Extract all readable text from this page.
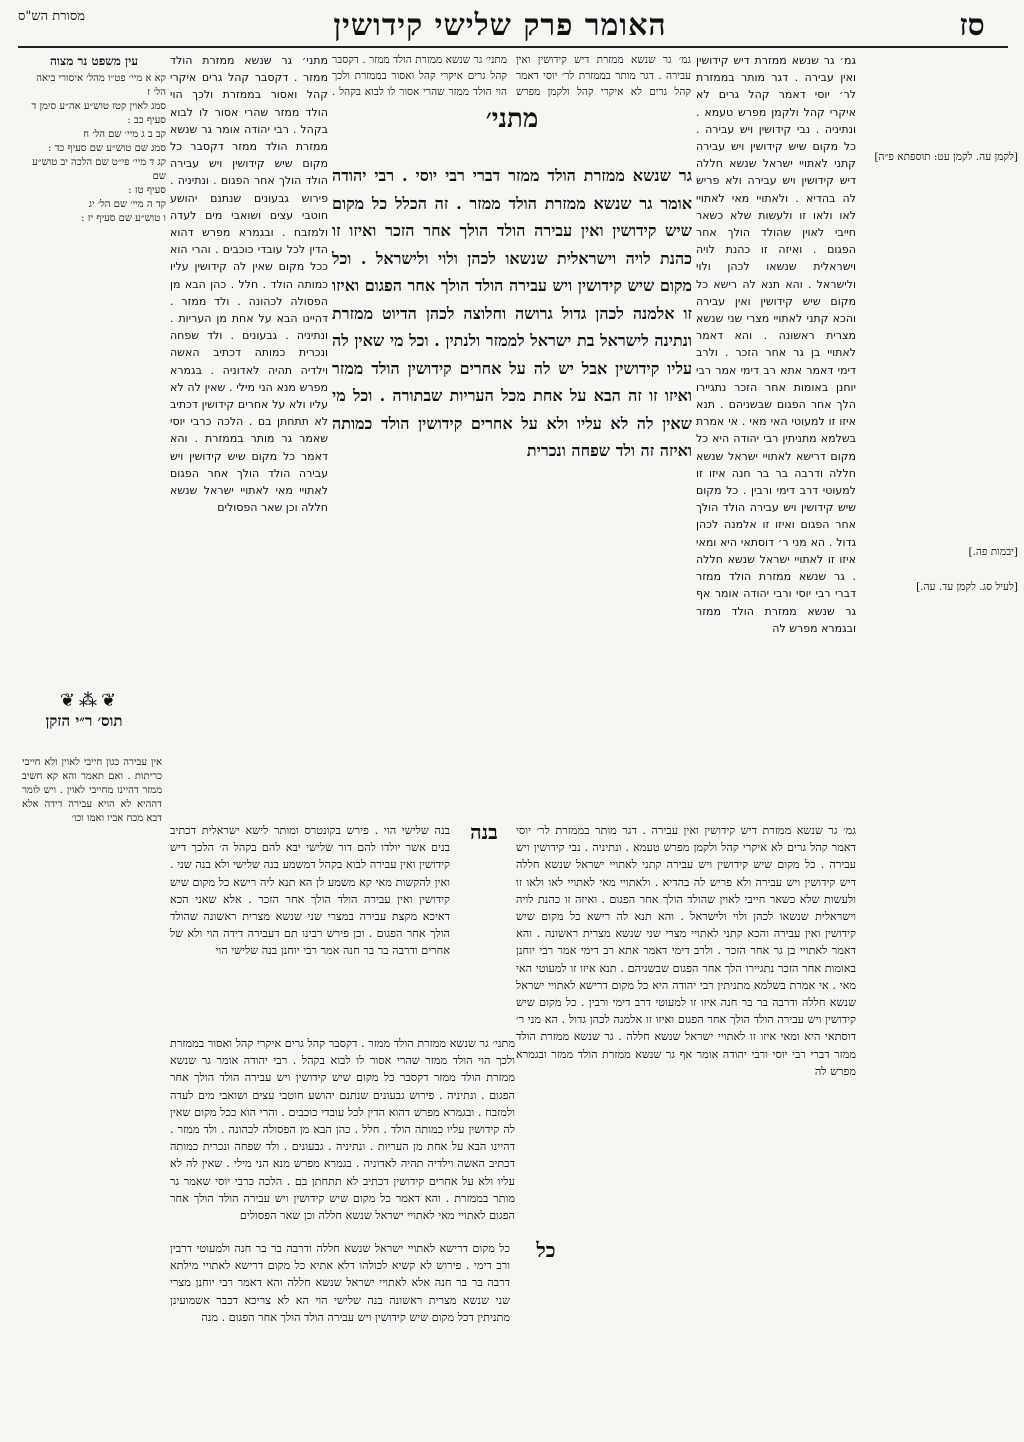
מסורת הש"ס	האומר פרק שלישי קידושין	סז
עין משפט נר מצוה
קא א מיי׳ פט״ו מהל׳ איסורי ביאה הל׳ ז
סמג לאוין קטז טוש״ע אה״ע סימן ד
סעיף כב :
קב ב ג מיי׳ שם הל׳ ח
סמג שם טוש״ע שם סעיף כד :
קג ד מיי׳ פי״ט שם הלכה יב טוש״ע שם
סעיף טז :
קד ה מיי׳ שם הל׳ יג
ו טוש״ע שם סעיף יז :
❦⁂❦
תוס׳ ר״י הזקן
אין עבירה כגון חייבי לאוין ולא חייבי כריתות . ואם תאמר והא קא חשיב ממזר דהיינו מחייבי לאוין . ויש לומר דההיא לא הויא עבירה דידה אלא דבא מכח אביו ואמו וכו׳
[לקמן עה. לקמן עט: תוספתא פ״ה]
[יבמות פה.]
[לעיל סג. לקמן עד. עה.]
מתני׳ גר שנשא ממזרת הולד ממזר . דקסבר קהל גרים איקרי קהל ואסור בממזרת ולכך הוי הולד ממזר שהרי אסור לו לבוא בקהל . רבי יהודה אומר גר שנשא ממזרת הולד ממזר דקסבר כל מקום שיש קידושין ויש עבירה הולד הולך אחר הפגום . ונתיניה . פירוש גבעונים שנתנם יהושע חוטבי עצים ושואבי מים לעדה ולמזבח . ובגמרא מפרש דהוא הדין לכל עובדי כוכבים . והרי הוא ככל מקום שאין לה קידושין עליו כמותה הולד . חלל . כהן הבא מן הפסולה לכהונה . ולד ממזר . דהיינו הבא על אחת מן העריות . ונתיניה . גבעונים . ולד שפחה ונכרית כמותה דכתיב האשה וילדיה תהיה לאדוניה . בגמרא מפרש מנא הני מילי . שאין לה לא עליו ולא על אחרים קידושין דכתיב לא תתחתן בם . הלכה כרבי יוסי שאמר גר מותר בממזרת . והא דאמר כל מקום שיש קידושין ויש עבירה הולד הולך אחר הפגום לאתויי מאי לאתויי ישראל שנשא חללה וכן שאר הפסולים
גמ׳ גר שנשא ממזרת דיש קידושין ואין עבירה . דגר מותר בממזרת לר׳ יוסי דאמר קהל גרים לא איקרי קהל ולקמן מפרש טעמא . ונתיניה . נבי קידושין ויש עבירה . כל מקום שיש קידושין ויש עבירה קתני לאתויי ישראל שנשא חללה דיש קידושין ויש עבירה ולא פריש לה בהדיא . ולאתויי מאי לאתויי לאו ולאו זו ולעשות שלא כשאר חייבי לאוין שהולד הולך אחר הפגום . ואיזה זו כהנת לויה וישראלית שנשאו לכהן ולוי ולישראל . והא תנא לה רישא כל מקום שיש קידושין ואין עבירה והכא קתני לאתויי מצרי שני שנשא מצרית ראשונה . והא דאמר לאתויי בן גר אחר הזכר . ולרב דימי דאמר אתא רב דימי אמר רבי יוחנן באומות אחר הזכר נתגיירו הלך אחר הפגום שבשניהם . תנא איזו זו למעוטי האי מאי . אי אמרת בשלמא מתניתין רבי יהודה היא כל מקום דרישא לאתויי ישראל שנשא חללה ודרבה בר בר חנה איזו זו למעוטי דרב דימי ורבין . כל מקום שיש קידושין ויש עבירה הולד הולך אחר הפגום ואיזו זו אלמנה לכהן גדול . הא מני ר׳ דוסתאי היא ומאי איזו זו לאתויי ישראל שנשא חללה . גר שנשא ממזרת הולד ממזר דברי רבי יוסי ורבי יהודה אומר אף גר שנשא ממזרת הולד ממזר ובגמרא מפרש לה
מתני׳ גר שנשא ממזרת הולד ממזר . דקסבר קהל גרים איקרי קהל ואסור בממזרת ולכך הוי הולד ממזר שהרי אסור לו לבוא בקהל .
גמ׳ גר שנשא ממזרת דיש קידושין ואין עבירה . דגר מותר בממזרת לר׳ יוסי דאמר קהל גרים לא איקרי קהל ולקמן מפרש
מתני׳
גר שנשא ממזרת הולד ממזר דברי רבי יוסי . רבי יהודה אומר גר שנשא ממזרת הולד ממזר . זה הכלל כל מקום שיש קידושין ואין עבירה הולד הולך אחר הזכר ואיזו זו כהנת לויה וישראלית שנשאו לכהן ולוי ולישראל . וכל מקום שיש קידושין ויש עבירה הולד הולך אחר הפגום ואיזו זו אלמנה לכהן גדול גרושה וחלוצה לכהן הדיוט ממזרת ונתינה לישראל בת ישראל לממזר ולנתין . וכל מי שאין לה עליו קידושין אבל יש לה על אחרים קידושין הולד ממזר ואיזו זו זה הבא על אחת מכל העריות שבתורה . וכל מי שאין לה לא עליו ולא על אחרים קידושין הולד כמותה ואיזה זה ולד שפחה ונכרית
בנה
בנה שלישי הוי . פירש בקונטרס ומותר לישא ישראלית דכתיב בנים אשר יולדו להם דור שלישי יבא להם בקהל ה׳ הלכך דיש קידושין ואין עבירה לבוא בקהל דמשמע בנה שלישי ולא בנה שני . ואין להקשות מאי קא משמע לן הא תנא ליה רישא כל מקום שיש קידושין ואין עבירה הולד הולך אחר הזכר . אלא שאני הכא דאיכא מקצת עבירה במצרי שני שנשא מצרית ראשונה שהולד הולך אחר הפגום . וכן פירש רבינו תם דעבירה דידה הוי ולא של אחרים ודרבה בר בר חנה אמר רבי יוחנן בנה שלישי הוי
מתני׳ גר שנשא ממזרת הולד ממזר . דקסבר קהל גרים איקרי קהל ואסור בממזרת ולכך הוי הולד ממזר שהרי אסור לו לבוא בקהל . רבי יהודה אומר גר שנשא ממזרת הולד ממזר דקסבר כל מקום שיש קידושין ויש עבירה הולד הולך אחר הפגום . ונתיניה . פירוש גבעונים שנתנם יהושע חוטבי עצים ושואבי מים לעדה ולמזבח . ובגמרא מפרש דהוא הדין לכל עובדי כוכבים . והרי הוא ככל מקום שאין לה קידושין עליו כמותה הולד . חלל . כהן הבא מן הפסולה לכהונה . ולד ממזר . דהיינו הבא על אחת מן העריות . ונתיניה . גבעונים . ולד שפחה ונכרית כמותה דכתיב האשה וילדיה תהיה לאדוניה . בגמרא מפרש מנא הני מילי . שאין לה לא עליו ולא על אחרים קידושין דכתיב לא תתחתן בם . הלכה כרבי יוסי שאמר גר מותר בממזרת . והא דאמר כל מקום שיש קידושין ויש עבירה הולד הולך אחר הפגום לאתויי מאי לאתויי ישראל שנשא חללה וכן שאר הפסולים
כל
כל מקום דרישא לאתויי ישראל שנשא חללה ודרבה בר בר חנה ולמעוטי דרבין ורב דימי . פירוש לא קשיא לכולהו דלא אתיא כל מקום דרישא לאתויי מילתא דרבה בר בר חנה אלא לאתויי ישראל שנשא חללה והא דאמר רבי יוחנן מצרי שני שנשא מצרית ראשונה בנה שלישי הוי הא לא צריכא דכבר אשמועינן מתניתין דכל מקום שיש קידושין ויש עבירה הולד הולך אחר הפגום . מנה
גמ׳ גר שנשא ממזרת דיש קידושין ואין עבירה . דגר מותר בממזרת לר׳ יוסי דאמר קהל גרים לא איקרי קהל ולקמן מפרש טעמא . ונתיניה . נבי קידושין ויש עבירה . כל מקום שיש קידושין ויש עבירה קתני לאתויי ישראל שנשא חללה דיש קידושין ויש עבירה ולא פריש לה בהדיא . ולאתויי מאי לאתויי לאו ולאו זו ולעשות שלא כשאר חייבי לאוין שהולד הולך אחר הפגום . ואיזה זו כהנת לויה וישראלית שנשאו לכהן ולוי ולישראל . והא תנא לה רישא כל מקום שיש קידושין ואין עבירה והכא קתני לאתויי מצרי שני שנשא מצרית ראשונה . והא דאמר לאתויי בן גר אחר הזכר . ולרב דימי דאמר אתא רב דימי אמר רבי יוחנן באומות אחר הזכר נתגיירו הלך אחר הפגום שבשניהם . תנא איזו זו למעוטי האי מאי . אי אמרת בשלמא מתניתין רבי יהודה היא כל מקום דרישא לאתויי ישראל שנשא חללה ודרבה בר בר חנה איזו זו למעוטי דרב דימי ורבין . כל מקום שיש קידושין ויש עבירה הולד הולך אחר הפגום ואיזו זו אלמנה לכהן גדול . הא מני ר׳ דוסתאי היא ומאי איזו זו לאתויי ישראל שנשא חללה . גר שנשא ממזרת הולד ממזר דברי רבי יוסי ורבי יהודה אומר אף גר שנשא ממזרת הולד ממזר ובגמרא מפרש לה
